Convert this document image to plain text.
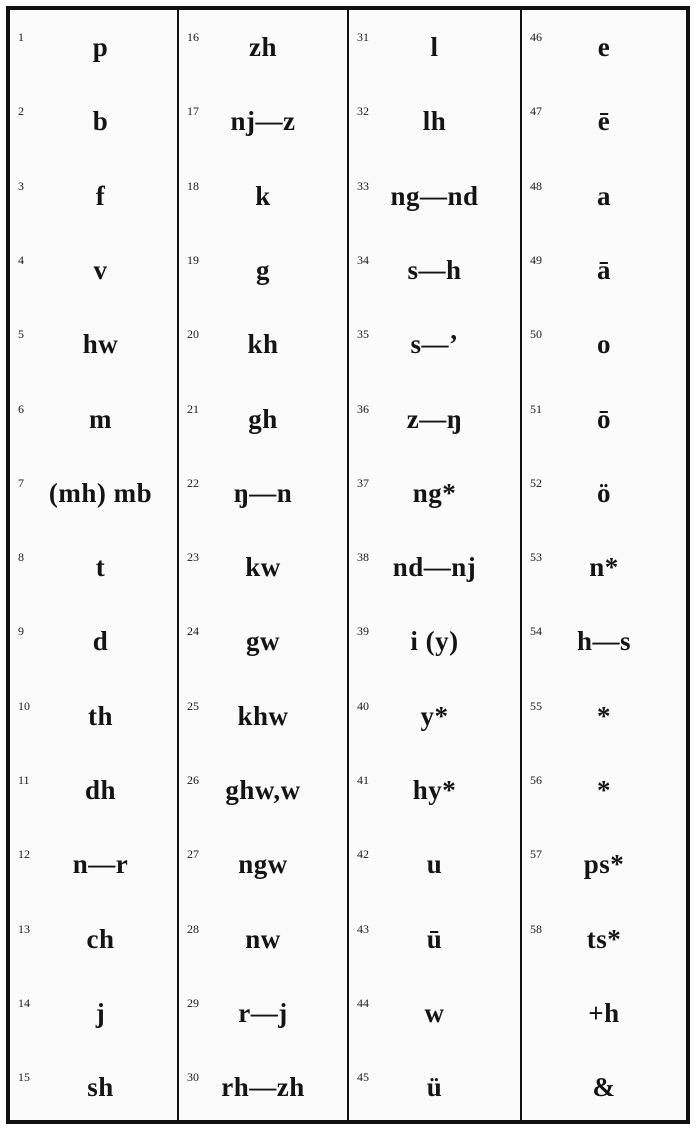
1	p
2	b
3	f
4	v
5	hw
6	m
7 (mh) mb
8	t
9	d
10	th
11	dh
12	n—r
13	ch
14	j
15	sh
16	zh
17	nj—z
18	k
19	g
20	kh
21	gh
22	ŋ—n
23	kw
24	gw
25	khw
26 ghw,w
27	ngw
28	nw
29	r—j
30 rh—zh
31	l
32	lh
33 ng—nd
34	s—h
35	s—’
36	z—ŋ
37	ng*
38 nd—nj
39	i (y)
40	y*
41	hy*
42	u
43	ū
44	w
45	ü
46	e
47	ē
48	a
49	ā
50	o
51	ō
52	ö
53	n*
54	h—s
55	*
56	*
57	ps*
58	ts*
+h
&
